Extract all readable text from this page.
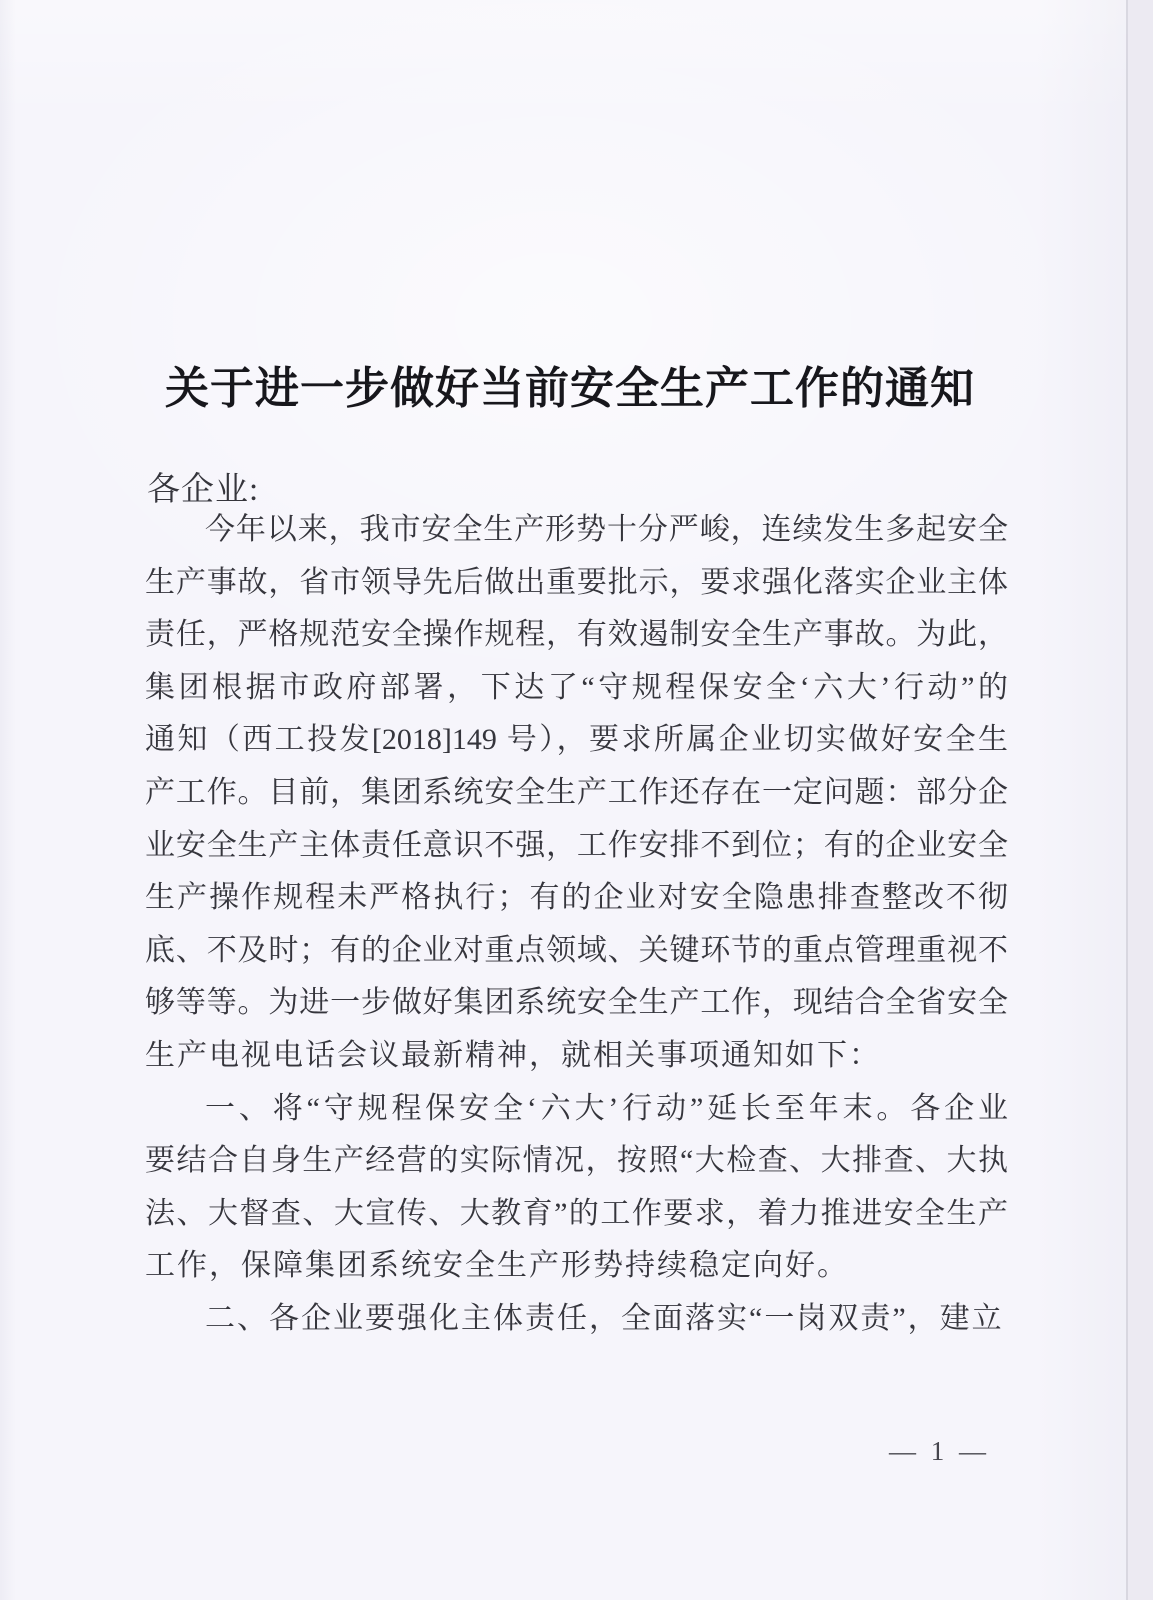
关于进一步做好当前安全生产工作的通知
各企业:
今年以来，我市安全生产形势十分严峻，连续发生多起安全
生产事故，省市领导先后做出重要批示，要求强化落实企业主体
责任，严格规范安全操作规程，有效遏制安全生产事故。为此，
集团根据市政府部署，下达了“守规程保安全‘六大’行动”的
通知（西工投发[2018]149 号），要求所属企业切实做好安全生
产工作。目前，集团系统安全生产工作还存在一定问题：部分企
业安全生产主体责任意识不强，工作安排不到位；有的企业安全
生产操作规程未严格执行；有的企业对安全隐患排查整改不彻
底、不及时；有的企业对重点领域、关键环节的重点管理重视不
够等等。为进一步做好集团系统安全生产工作，现结合全省安全
生产电视电话会议最新精神，就相关事项通知如下：
一、将“守规程保安全‘六大’行动”延长至年末。各企业
要结合自身生产经营的实际情况，按照“大检查、大排查、大执
法、大督查、大宣传、大教育”的工作要求，着力推进安全生产
工作，保障集团系统安全生产形势持续稳定向好。
二、各企业要强化主体责任，全面落实“一岗双责”，建立
— 1 —
